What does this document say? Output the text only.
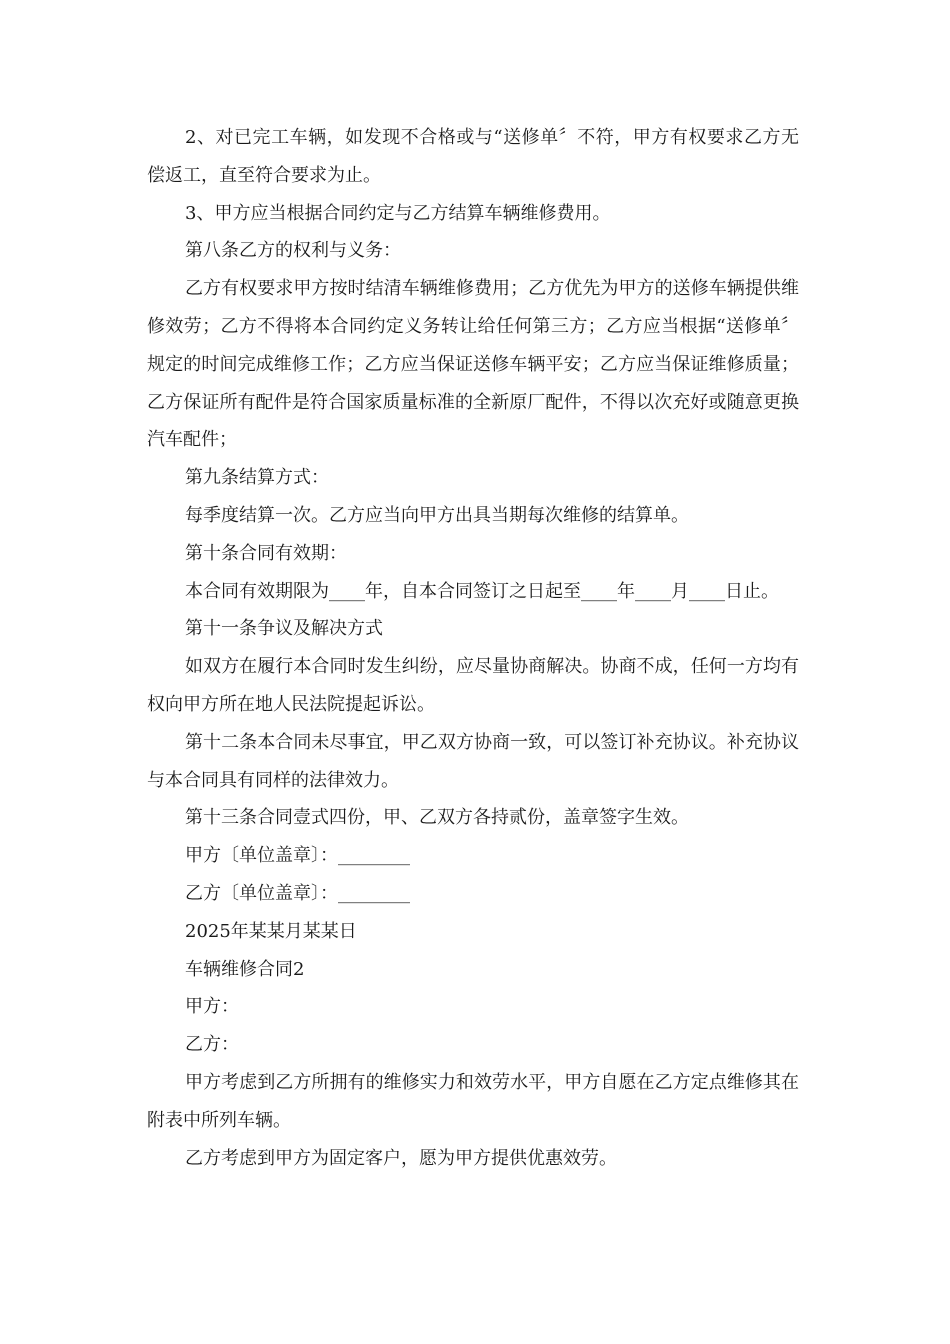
2、对已完工车辆，如发现不合格或与“送修单〞不符，甲方有权要求乙方无偿返工，直至符合要求为止。

3、甲方应当根据合同约定与乙方结算车辆维修费用。

第八条乙方的权利与义务：

乙方有权要求甲方按时结清车辆维修费用；乙方优先为甲方的送修车辆提供维修效劳；乙方不得将本合同约定义务转让给任何第三方；乙方应当根据“送修单〞规定的时间完成维修工作；乙方应当保证送修车辆平安；乙方应当保证维修质量；乙方保证所有配件是符合国家质量标准的全新原厂配件，不得以次充好或随意更换汽车配件；

第九条结算方式：

每季度结算一次。乙方应当向甲方出具当期每次维修的结算单。

第十条合同有效期：

本合同有效期限为____年，自本合同签订之日起至____年____月____日止。

第十一条争议及解决方式

如双方在履行本合同时发生纠纷，应尽量协商解决。协商不成，任何一方均有权向甲方所在地人民法院提起诉讼。

第十二条本合同未尽事宜，甲乙双方协商一致，可以签订补充协议。补充协议与本合同具有同样的法律效力。

第十三条合同壹式四份，甲、乙双方各持贰份，盖章签字生效。

甲方〔单位盖章〕：________

乙方〔单位盖章〕：________

2025年某某月某某日

车辆维修合同2

甲方：

乙方：

甲方考虑到乙方所拥有的维修实力和效劳水平，甲方自愿在乙方定点维修其在附表中所列车辆。

乙方考虑到甲方为固定客户，愿为甲方提供优惠效劳。
